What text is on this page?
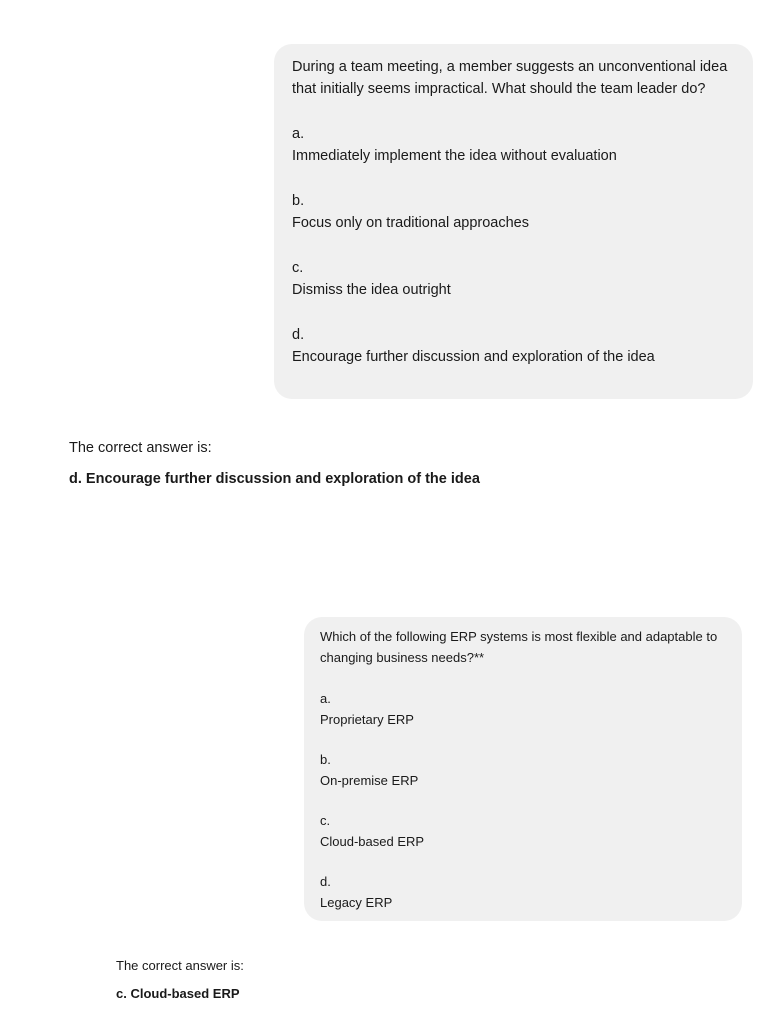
During a team meeting, a member suggests an unconventional idea that initially seems impractical. What should the team leader do?

a.
Immediately implement the idea without evaluation
b.
Focus only on traditional approaches
c.
Dismiss the idea outright
d.
Encourage further discussion and exploration of the idea

The correct answer is:

d. Encourage further discussion and exploration of the idea

Which of the following ERP systems is most flexible and adaptable to changing business needs?**

a.
Proprietary ERP
b.
On-premise ERP
c.
Cloud-based ERP
d.
Legacy ERP

The correct answer is:

c. Cloud-based ERP
